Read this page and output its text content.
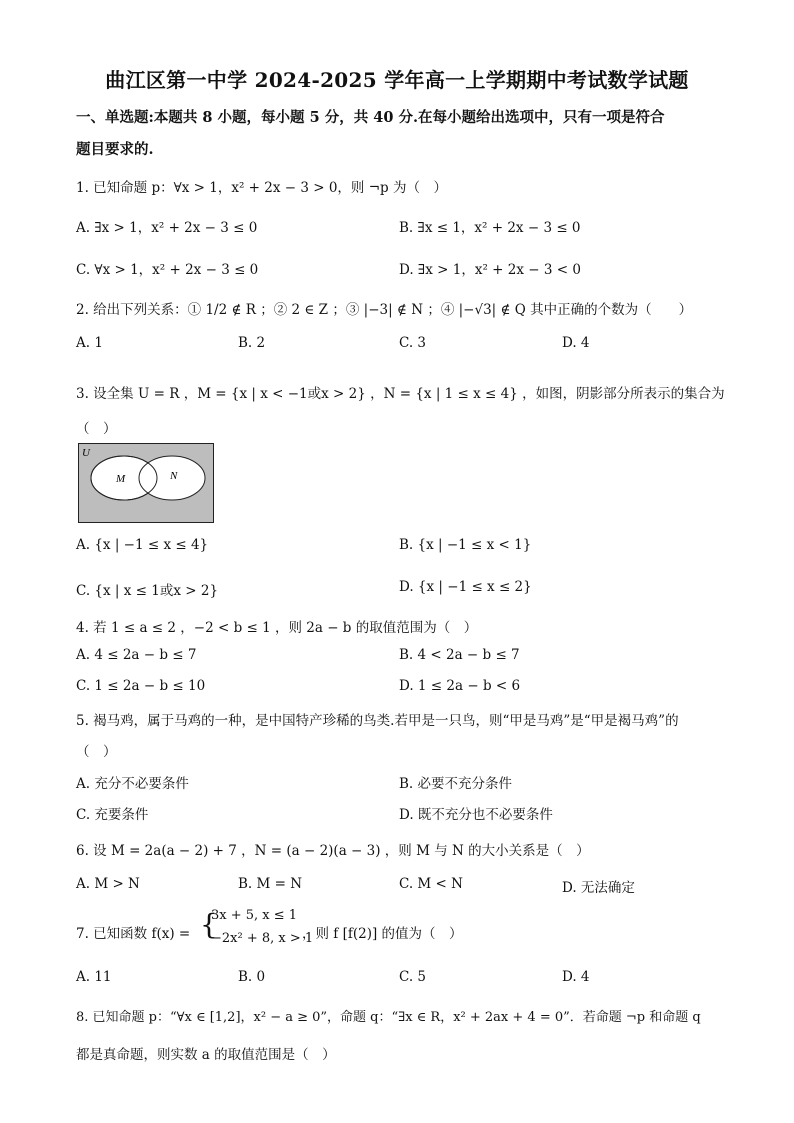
曲江区第一中学 2024-2025 学年高一上学期期中考试数学试题
一、单选题:本题共 8 小题，每小题 5 分，共 40 分.在每小题给出选项中，只有一项是符合
题目要求的.
1. 已知命题 p：∀x > 1，x² + 2x − 3 > 0，则 ¬p 为（　）
A. ∃x > 1，x² + 2x − 3 ≤ 0	B. ∃x ≤ 1，x² + 2x − 3 ≤ 0
C. ∀x > 1，x² + 2x − 3 ≤ 0	D. ∃x > 1，x² + 2x − 3 < 0
2. 给出下列关系：① 1/2 ∉ R ；② 2 ∈ Z ；③ |−3| ∉ N ；④ |−√3| ∉ Q 其中正确的个数为（　　）
A. 1	B. 2	C. 3	D. 4
3. 设全集 U = R ，M = {x | x < −1或x > 2} ，N = {x | 1 ≤ x ≤ 4} ，如图，阴影部分所表示的集合为
（　）
U
M	N
A. {x | −1 ≤ x ≤ 4}	B. {x | −1 ≤ x < 1}
C. {x | x ≤ 1或x > 2}	D. {x | −1 ≤ x ≤ 2}
4. 若 1 ≤ a ≤ 2 ，−2 < b ≤ 1 ，则 2a − b 的取值范围为（　）
A. 4 ≤ 2a − b ≤ 7	B. 4 < 2a − b ≤ 7
C. 1 ≤ 2a − b ≤ 10	D. 1 ≤ 2a − b < 6
5. 褐马鸡，属于马鸡的一种，是中国特产珍稀的鸟类.若甲是一只鸟，则“甲是马鸡”是“甲是褐马鸡”的
（　）
A. 充分不必要条件	B. 必要不充分条件
C. 充要条件	D. 既不充分也不必要条件
6. 设 M = 2a(a − 2) + 7 ，N = (a − 2)(a − 3) ，则 M 与 N 的大小关系是（　）
A. M > N	B. M = N	C. M < N	D. 无法确定
7. 已知函数 f(x) = {
3x + 5, x ≤ 1
−2x² + 8, x > 1
，则 f [f(2)] 的值为（　）
A. 11	B. 0	C. 5	D. 4
8. 已知命题 p：“∀x ∈ [1,2]，x² − a ≥ 0”，命题 q：“∃x ∈ R，x² + 2ax + 4 = 0”．若命题 ¬p 和命题 q
都是真命题，则实数 a 的取值范围是（　）
